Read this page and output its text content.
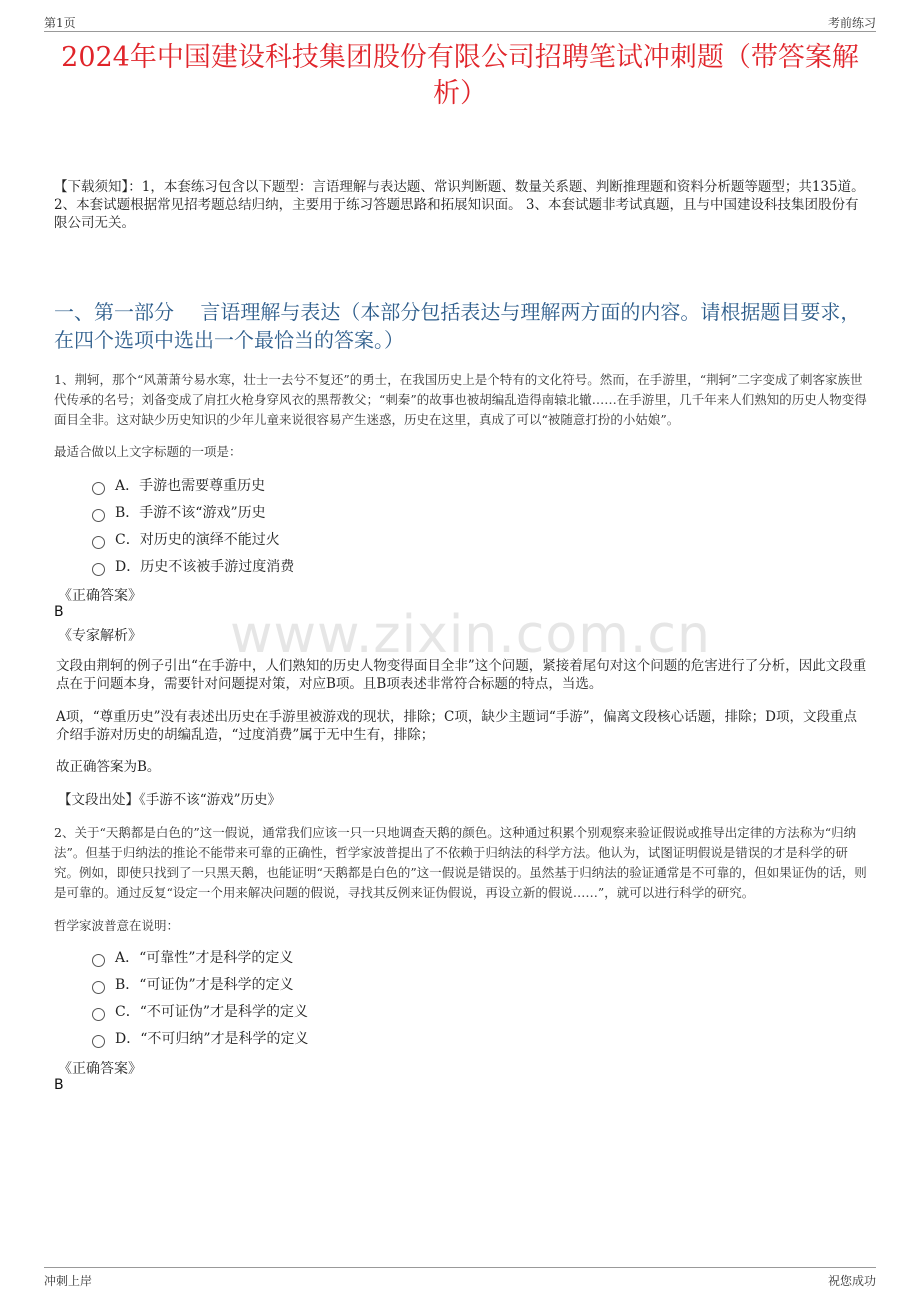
第1页	考前练习
2024年中国建设科技集团股份有限公司招聘笔试冲刺题（带答案解析）
【下载须知】：1，本套练习包含以下题型：言语理解与表达题、常识判断题、数量关系题、判断推理题和资料分析题等题型；共135道。 2、本套试题根据常见招考题总结归纳，主要用于练习答题思路和拓展知识面。 3、本套试题非考试真题，且与中国建设科技集团股份有限公司无关。
一、第一部分　 言语理解与表达（本部分包括表达与理解两方面的内容。请根据题目要求，在四个选项中选出一个最恰当的答案。）
www.zixin.com.cn
1、荆轲，那个“风萧萧兮易水寒，壮士一去兮不复还”的勇士，在我国历史上是个特有的文化符号。然而，在手游里，“荆轲”二字变成了刺客家族世代传承的名号；刘备变成了肩扛火枪身穿风衣的黑帮教父；“刺秦”的故事也被胡编乱造得南辕北辙……在手游里，几千年来人们熟知的历史人物变得面目全非。这对缺少历史知识的少年儿童来说很容易产生迷惑，历史在这里，真成了可以“被随意打扮的小姑娘”。
最适合做以上文字标题的一项是：
A．手游也需要尊重历史
B．手游不该“游戏”历史
C．对历史的演绎不能过火
D．历史不该被手游过度消费
《正确答案》
B
《专家解析》
文段由荆轲的例子引出“在手游中，人们熟知的历史人物变得面目全非”这个问题，紧接着尾句对这个问题的危害进行了分析，因此文段重点在于问题本身，需要针对问题提对策，对应B项。且B项表述非常符合标题的特点，当选。
A项，“尊重历史”没有表述出历史在手游里被游戏的现状，排除；C项，缺少主题词“手游”，偏离文段核心话题，排除；D项，文段重点介绍手游对历史的胡编乱造，“过度消费”属于无中生有，排除；
故正确答案为B。
【文段出处】《手游不该“游戏”历史》
2、关于“天鹅都是白色的”这一假说，通常我们应该一只一只地调查天鹅的颜色。这种通过积累个别观察来验证假说或推导出定律的方法称为“归纳法”。但基于归纳法的推论不能带来可靠的正确性，哲学家波普提出了不依赖于归纳法的科学方法。他认为，试图证明假说是错误的才是科学的研究。例如，即使只找到了一只黑天鹅，也能证明“天鹅都是白色的”这一假说是错误的。虽然基于归纳法的验证通常是不可靠的，但如果证伪的话，则是可靠的。通过反复“设定一个用来解决问题的假说，寻找其反例来证伪假说，再设立新的假说……”，就可以进行科学的研究。
哲学家波普意在说明：
A．“可靠性”才是科学的定义
B．“可证伪”才是科学的定义
C．“不可证伪”才是科学的定义
D．“不可归纳”才是科学的定义
《正确答案》
B
冲刺上岸	祝您成功
